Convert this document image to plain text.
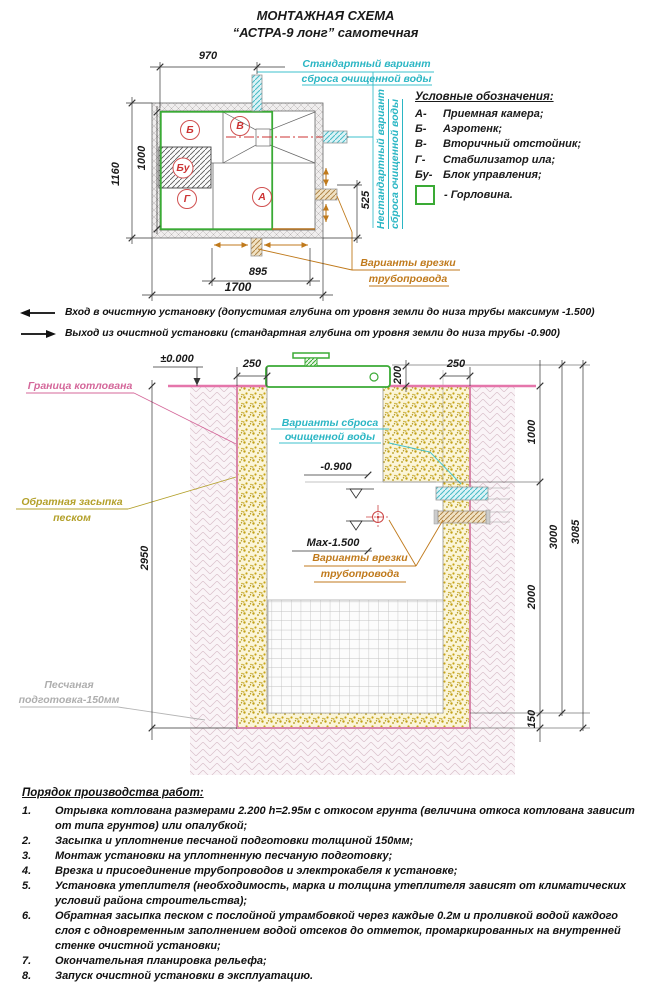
МОНТАЖНАЯ СХЕМА
“АСТРА-9 лонг” самотечная
970
1160
1000
525
895
1700
Б	В
Бу
Г	А
Стандартный вариант
сброса очищенной воды
Нестандартный вариант сброса очищенной воды
Варианты врезки
трубопровода
Условные обозначения:
А-	Приемная камера;
Б-	Аэротенк;
В-	Вторичный отстойник;
Г-	Стабилизатор ила;
Бу- Блок управления;
- Горловина.
Вход в очистную установку (допустимая глубина от уровня земли до низа трубы максимум -1.500)
Выход из очистной установки (стандартная глубина от уровня земли до низа трубы -0.900)
±0.000
Граница котлована
Обратная засыпка
песком
Песчаная
подготовка-150мм
Варианты сброса
очищенной воды
-0.900
Мах-1.500
Варианты врезки
трубопровода
250
200
250
2950
1000
2000
150
3000 3085
Порядок производства работ:
1.	Отрывка котлована размерами 2.200 h=2.95м с откосом грунта (величина откоса котлована зависит от типа грунтов) или опалубкой;
2.	Засыпка и уплотнение песчаной подготовки толщиной 150мм;
3.	Монтаж установки на уплотненную песчаную подготовку;
4.	Врезка и присоединение трубопроводов и электрокабеля к установке;
5.	Установка утеплителя (необходимость, марка и толщина утеплителя зависят от климатических условий района строительства);
6.	Обратная засыпка песком с послойной утрамбовкой через каждые 0.2м и проливкой водой каждого слоя с одновременным заполнением водой отсеков до отметок, промаркированных на внутренней стенке очистной установки;
7.	Окончательная планировка рельефа;
8.	Запуск очистной установки в эксплуатацию.
